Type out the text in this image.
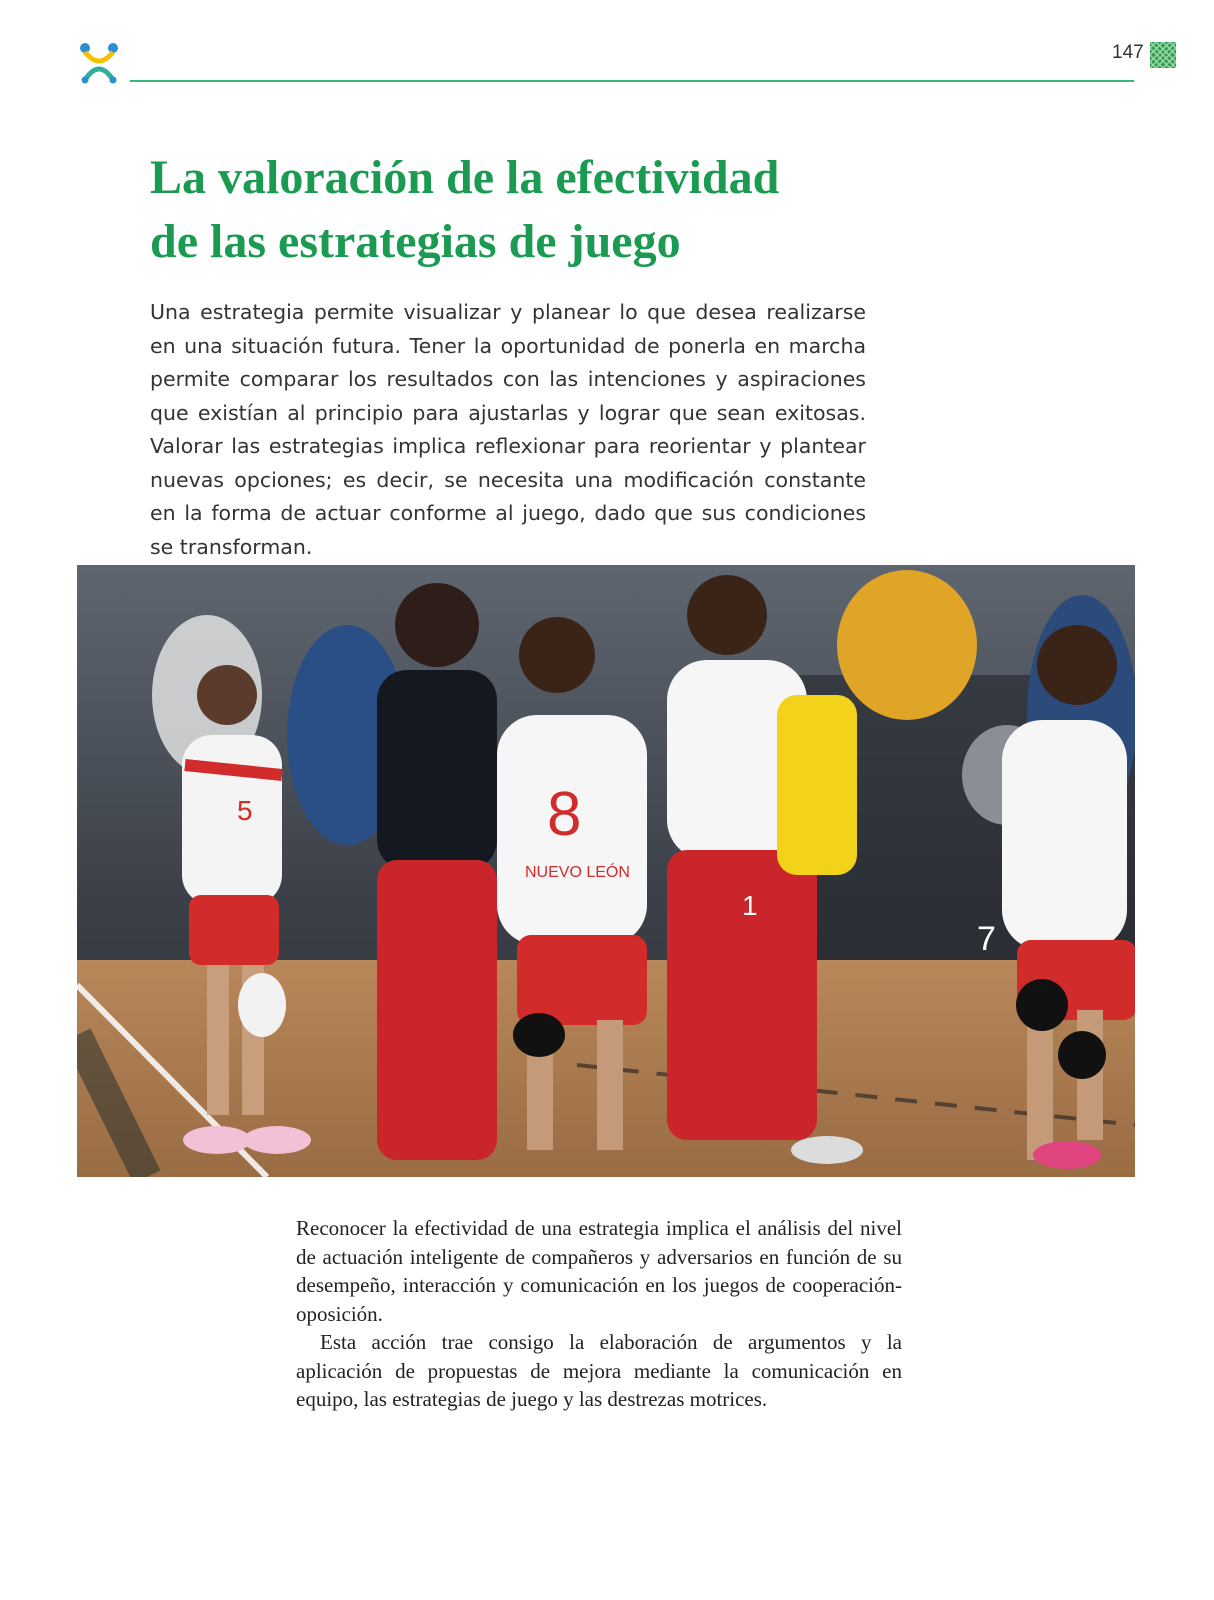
147
La valoración de la efectividad
de las estrategias de juego

Una estrategia permite visualizar y planear lo que desea realizarse en una situación futura. Tener la oportunidad de ponerla en marcha permite comparar los resultados con las intenciones y aspiraciones que existían al principio para ajustarlas y lograr que sean exitosas. Valorar las estrategias implica reflexionar para reorientar y plantear nuevas opciones; es decir, se necesita una modificación constante en la forma de actuar conforme al juego, dado que sus condiciones se transforman.

5	8
NUEVO LEÓN
1
7

Reconocer la efectividad de una estrategia implica el análisis del nivel de actuación inteligente de compañeros y adversarios en función de su desempeño, interacción y comunicación en los juegos de cooperación-oposición.

Esta acción trae consigo la elaboración de argumentos y la aplicación de propuestas de mejora mediante la comunicación en equipo, las estrategias de juego y las destrezas motrices.
